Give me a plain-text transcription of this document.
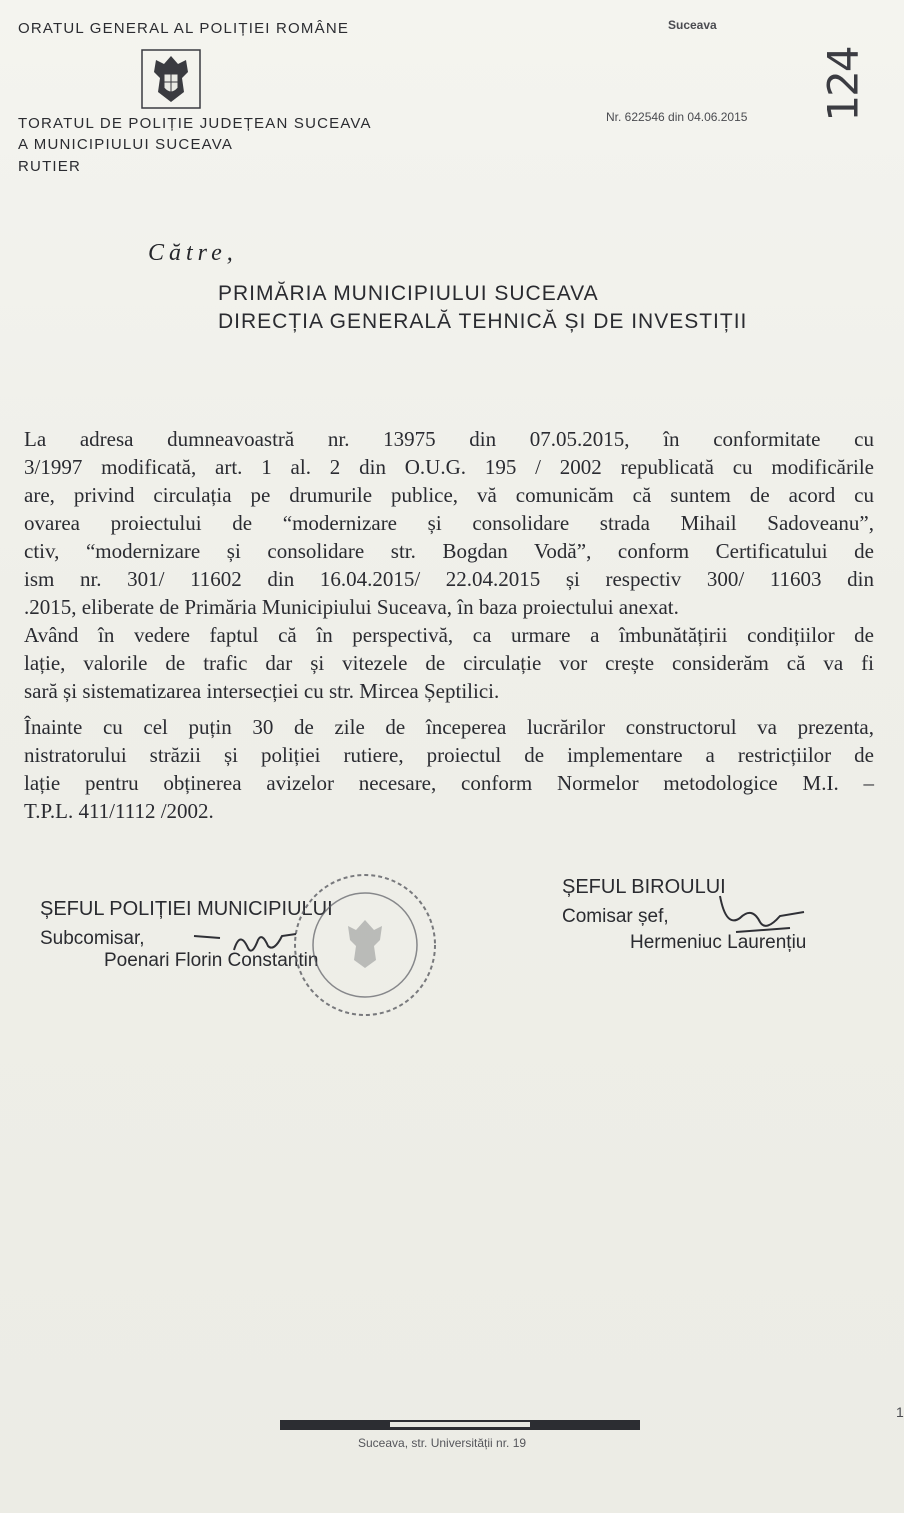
ORATUL GENERAL AL POLIȚIEI ROMÂNE
TORATUL DE POLIȚIE JUDEȚEAN SUCEAVA
A MUNICIPIULUI SUCEAVA
RUTIER
Suceava
Nr. 622546 din 04.06.2015 124
Către,
PRIMĂRIA MUNICIPIULUI SUCEAVA
DIRECȚIA GENERALĂ TEHNICĂ ȘI DE INVESTIȚII
La adresa dumneavoastră nr. 13975 din 07.05.2015, în conformitate cu
3/1997 modificată, art. 1 al. 2 din O.U.G. 195 / 2002 republicată cu modificările
are, privind circulația pe drumurile publice, vă comunicăm că suntem de acord cu
ovarea proiectului de “modernizare și consolidare strada Mihail Sadoveanu”,
ctiv, “modernizare și consolidare str. Bogdan Vodă”, conform Certificatului de
ism nr. 301/ 11602 din 16.04.2015/ 22.04.2015 și respectiv 300/ 11603 din
.2015, eliberate de Primăria Municipiului Suceava, în baza proiectului anexat.
Având în vedere faptul că în perspectivă, ca urmare a îmbunătățirii condițiilor de
lație, valorile de trafic dar și vitezele de circulație vor crește considerăm că va fi
sară și sistematizarea intersecției cu str. Mircea Șeptilici.
Înainte cu cel puțin 30 de zile de începerea lucrărilor constructorul va prezenta,
nistratorului străzii și poliției rutiere, proiectul de implementare a restricțiilor de
lație pentru obținerea avizelor necesare, conform Normelor metodologice M.I. –
T.P.L. 411/1112 /2002.
ȘEFUL POLIȚIEI MUNICIPIULUI
Subcomisar,
Poenari Florin Constantin
ȘEFUL BIROULUI
Comisar șef,
Hermeniuc Laurențiu
Suceava, str. Universității nr. 19
1
